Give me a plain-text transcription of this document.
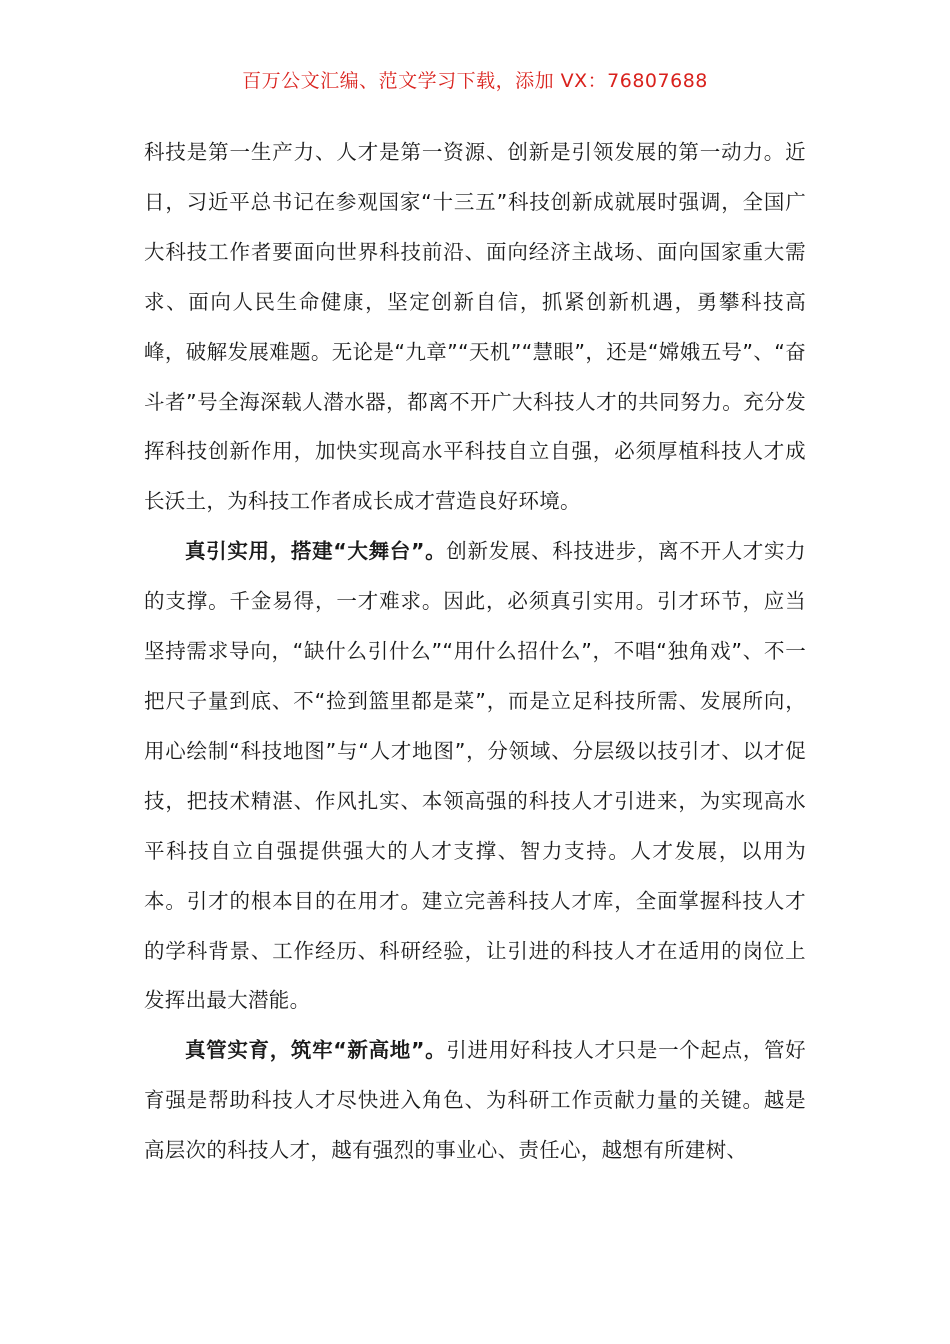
百万公文汇编、范文学习下载，添加 VX：76807688

科技是第一生产力、人才是第一资源、创新是引领发展的第一动力。近日，习近平总书记在参观国家“十三五”科技创新成就展时强调，全国广大科技工作者要面向世界科技前沿、面向经济主战场、面向国家重大需求、面向人民生命健康，坚定创新自信，抓紧创新机遇，勇攀科技高峰，破解发展难题。无论是“九章”“天机”“慧眼”，还是“嫦娥五号”、“奋斗者”号全海深载人潜水器，都离不开广大科技人才的共同努力。充分发挥科技创新作用，加快实现高水平科技自立自强，必须厚植科技人才成长沃土，为科技工作者成长成才营造良好环境。

真引实用，搭建“大舞台”。创新发展、科技进步，离不开人才实力的支撑。千金易得，一才难求。因此，必须真引实用。引才环节，应当坚持需求导向，“缺什么引什么”“用什么招什么”，不唱“独角戏”、不一把尺子量到底、不“捡到篮里都是菜”，而是立足科技所需、发展所向，用心绘制“科技地图”与“人才地图”，分领域、分层级以技引才、以才促技，把技术精湛、作风扎实、本领高强的科技人才引进来，为实现高水平科技自立自强提供强大的人才支撑、智力支持。人才发展，以用为本。引才的根本目的在用才。建立完善科技人才库，全面掌握科技人才的学科背景、工作经历、科研经验，让引进的科技人才在适用的岗位上发挥出最大潜能。

真管实育，筑牢“新高地”。引进用好科技人才只是一个起点，管好育强是帮助科技人才尽快进入角色、为科研工作贡献力量的关键。越是高层次的科技人才，越有强烈的事业心、责任心，越想有所建树、
